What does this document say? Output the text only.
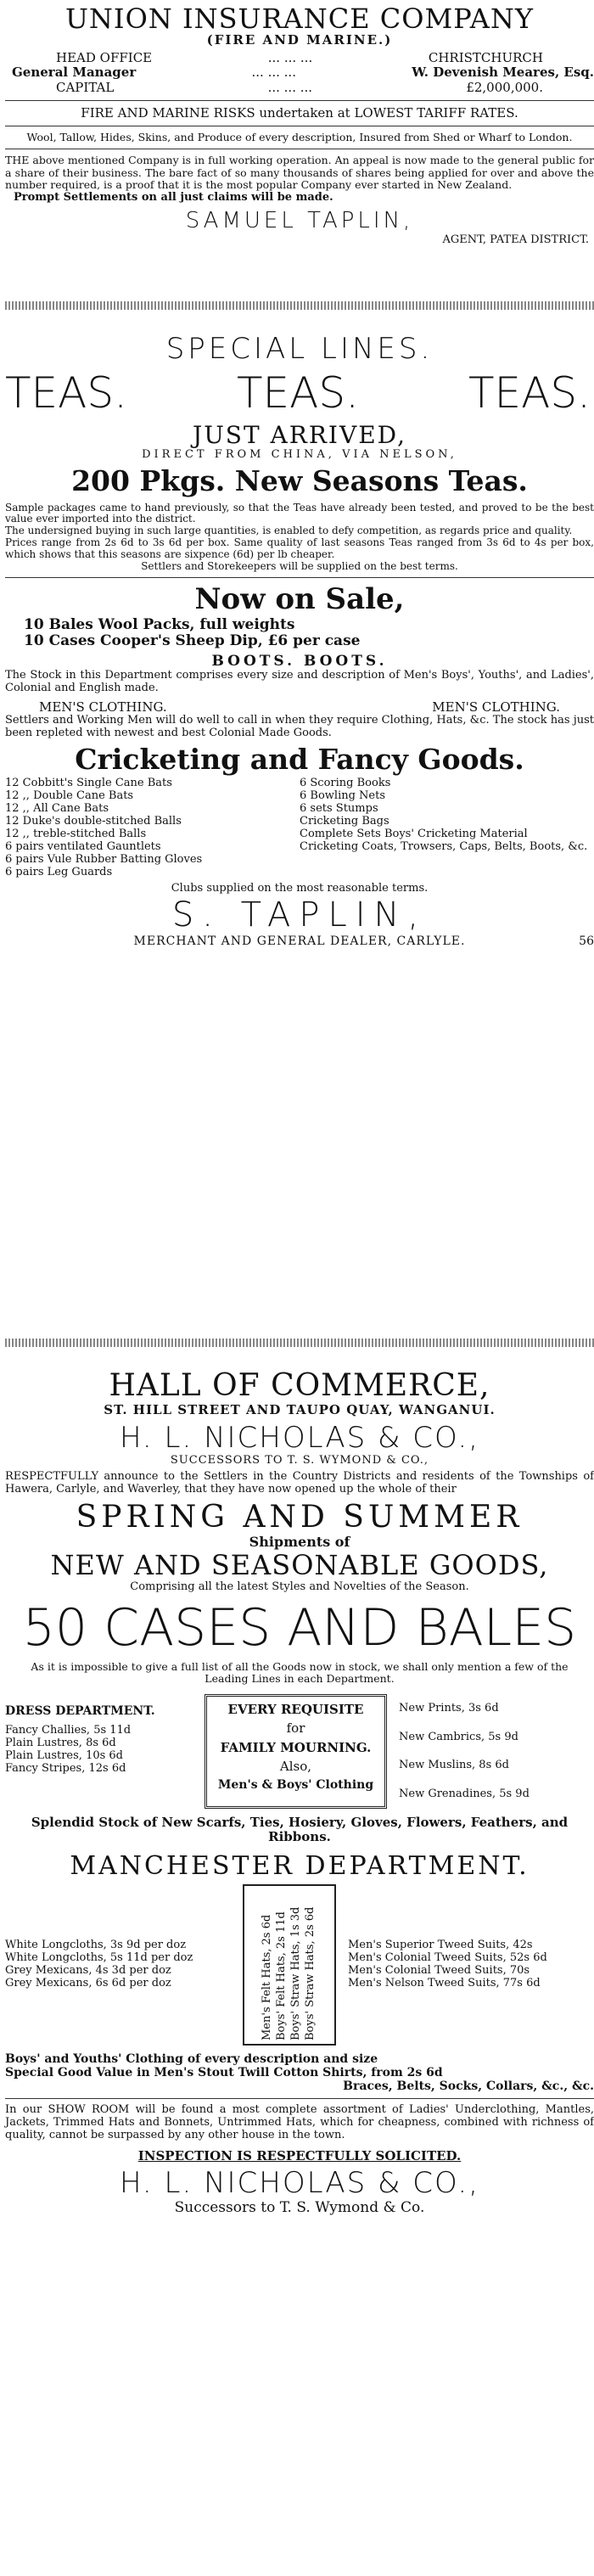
UNION INSURANCE COMPANY
(FIRE AND MARINE.)
HEAD OFFICE	... ... ...	CHRISTCHURCH
General Manager	... ... ...	W. Devenish Meares, Esq.
CAPITAL	... ... ...	£2,000,000.
FIRE AND MARINE RISKS undertaken at LOWEST TARIFF RATES.
Wool, Tallow, Hides, Skins, and Produce of every description, Insured from Shed or Wharf to London.
THE above mentioned Company is in full working operation. An appeal is now made to the general public for a share of their business. The bare fact of so many thousands of shares being applied for over and above the number required, is a proof that it is the most popular Company ever started in New Zealand.
Prompt Settlements on all just claims will be made.
SAMUEL TAPLIN,
AGENT, PATEA DISTRICT.
SPECIAL LINES.
TEAS.	TEAS.	TEAS.
JUST ARRIVED,
DIRECT FROM CHINA, VIA NELSON,
200 Pkgs. New Seasons Teas.
Sample packages came to hand previously, so that the Teas have already been tested, and proved to be the best value ever imported into the district.
The undersigned buying in such large quantities, is enabled to defy competition, as regards price and quality.
Prices range from 2s 6d to 3s 6d per box. Same quality of last seasons Teas ranged from 3s 6d to 4s per box, which shows that this seasons are sixpence (6d) per lb cheaper.
Settlers and Storekeepers will be supplied on the best terms.
Now on Sale,
10 Bales Wool Packs, full weights
10 Cases Cooper's Sheep Dip, £6 per case
BOOTS. BOOTS.
The Stock in this Department comprises every size and description of Men's Boys', Youths', and Ladies', Colonial and English made.
MEN'S CLOTHING.	MEN'S CLOTHING.
Settlers and Working Men will do well to call in when they require Clothing, Hats, &c. The stock has just been repleted with newest and best Colonial Made Goods.
Cricketing and Fancy Goods.
12 Cobbitt's Single Cane Bats
12 ,, Double Cane Bats
12 ,, All Cane Bats
12 Duke's double-stitched Balls
12 ,, treble-stitched Balls
6 pairs ventilated Gauntlets
6 pairs Vule Rubber Batting Gloves
6 pairs Leg Guards
6 Scoring Books
6 Bowling Nets
6 sets Stumps
Cricketing Bags
Complete Sets Boys' Cricketing Material
Cricketing Coats, Trowsers, Caps, Belts, Boots, &c.
Clubs supplied on the most reasonable terms.
S. TAPLIN,
MERCHANT AND GENERAL DEALER, CARLYLE.	56
HALL OF COMMERCE,
ST. HILL STREET AND TAUPO QUAY, WANGANUI.
H. L. NICHOLAS & CO.,
SUCCESSORS TO T. S. WYMOND & CO.,
RESPECTFULLY announce to the Settlers in the Country Districts and residents of the Townships of Hawera, Carlyle, and Waverley, that they have now opened up the whole of their
SPRING AND SUMMER
Shipments of
NEW AND SEASONABLE GOODS,
Comprising all the latest Styles and Novelties of the Season.
50 CASES AND BALES
As it is impossible to give a full list of all the Goods now in stock, we shall only mention a few of the Leading Lines in each Department.
DRESS DEPARTMENT.
Fancy Challies, 5s 11d
Plain Lustres, 8s 6d
Plain Lustres, 10s 6d
Fancy Stripes, 12s 6d
EVERY REQUISITE
for
FAMILY MOURNING.
Also,
Men's & Boys' Clothing
New Prints, 3s 6d
New Cambrics, 5s 9d
New Muslins, 8s 6d
New Grenadines, 5s 9d
Splendid Stock of New Scarfs, Ties, Hosiery, Gloves, Flowers, Feathers, and Ribbons.
MANCHESTER DEPARTMENT.
White Longcloths, 3s 9d per doz
White Longcloths, 5s 11d per doz
Grey Mexicans, 4s 3d per doz
Grey Mexicans, 6s 6d per doz	Men's Felt Hats, 2s 6d Boys' Felt Hats, 2s 11d Boys' Straw Hats, 1s 3d Boys' Straw Hats, 2s 6d	Men's Superior Tweed Suits, 42s
Men's Colonial Tweed Suits, 52s 6d
Men's Colonial Tweed Suits, 70s
Men's Nelson Tweed Suits, 77s 6d
Boys' and Youths' Clothing of every description and size
Special Good Value in Men's Stout Twill Cotton Shirts, from 2s 6d
Braces, Belts, Socks, Collars, &c., &c.
In our SHOW ROOM will be found a most complete assortment of Ladies' Underclothing, Mantles, Jackets, Trimmed Hats and Bonnets, Untrimmed Hats, which for cheapness, combined with richness of quality, cannot be surpassed by any other house in the town.
INSPECTION IS RESPECTFULLY SOLICITED.
H. L. NICHOLAS & CO.,
Successors to T. S. Wymond & Co.
